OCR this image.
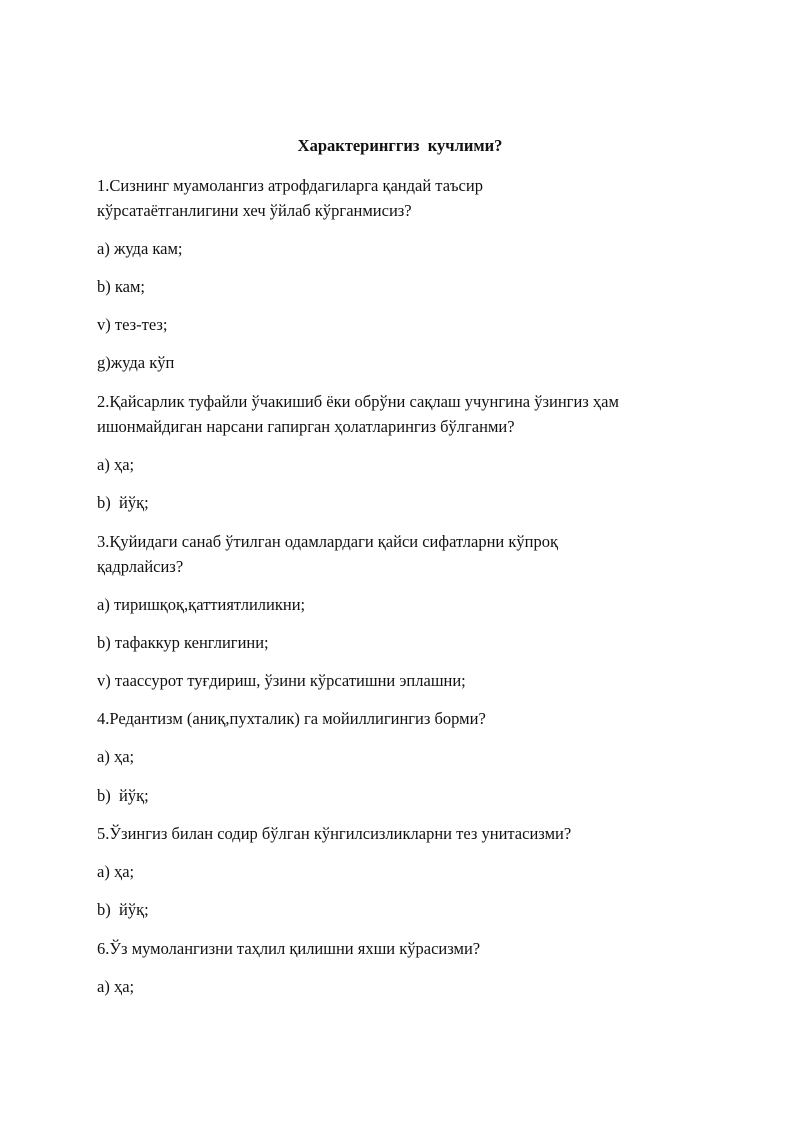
Характeринггиз  кучлими?
1.Сизнинг муамолангиз атрофдагиларга қандай таъсир
кўрсатаётганлигини хеч ўйлаб кўрганмисиз?
а) жуда кам;
b) кам;
v) тез-тез;
g)жуда кўп
2.Қайсарлик туфайли ўчакишиб ёки обрўни сақлаш учунгина ўзингиз ҳам
ишонмайдиган нарсани гапирган ҳолатларингиз бўлганми?
а) ҳа;
b)  йўқ;
3.Қуйидаги санаб ўтилган одамлардаги қайси сифатларни кўпроқ
қадрлайсиз?
а) тиришқоқ,қаттиятлиликни;
b) тафаккур кенглигини;
v) таассурот туғдириш, ўзини кўрсатишни эплашни;
4.Редантизм (аниқ,пухталик) га мойиллигингиз борми?
а) ҳа;
b)  йўқ;
5.Ўзингиз билан содир бўлган кўнгилсизликларни тез унитасизми?
а) ҳа;
b)  йўқ;
6.Ўз мумолангизни таҳлил қилишни яхши кўрасизми?
а) ҳа;
